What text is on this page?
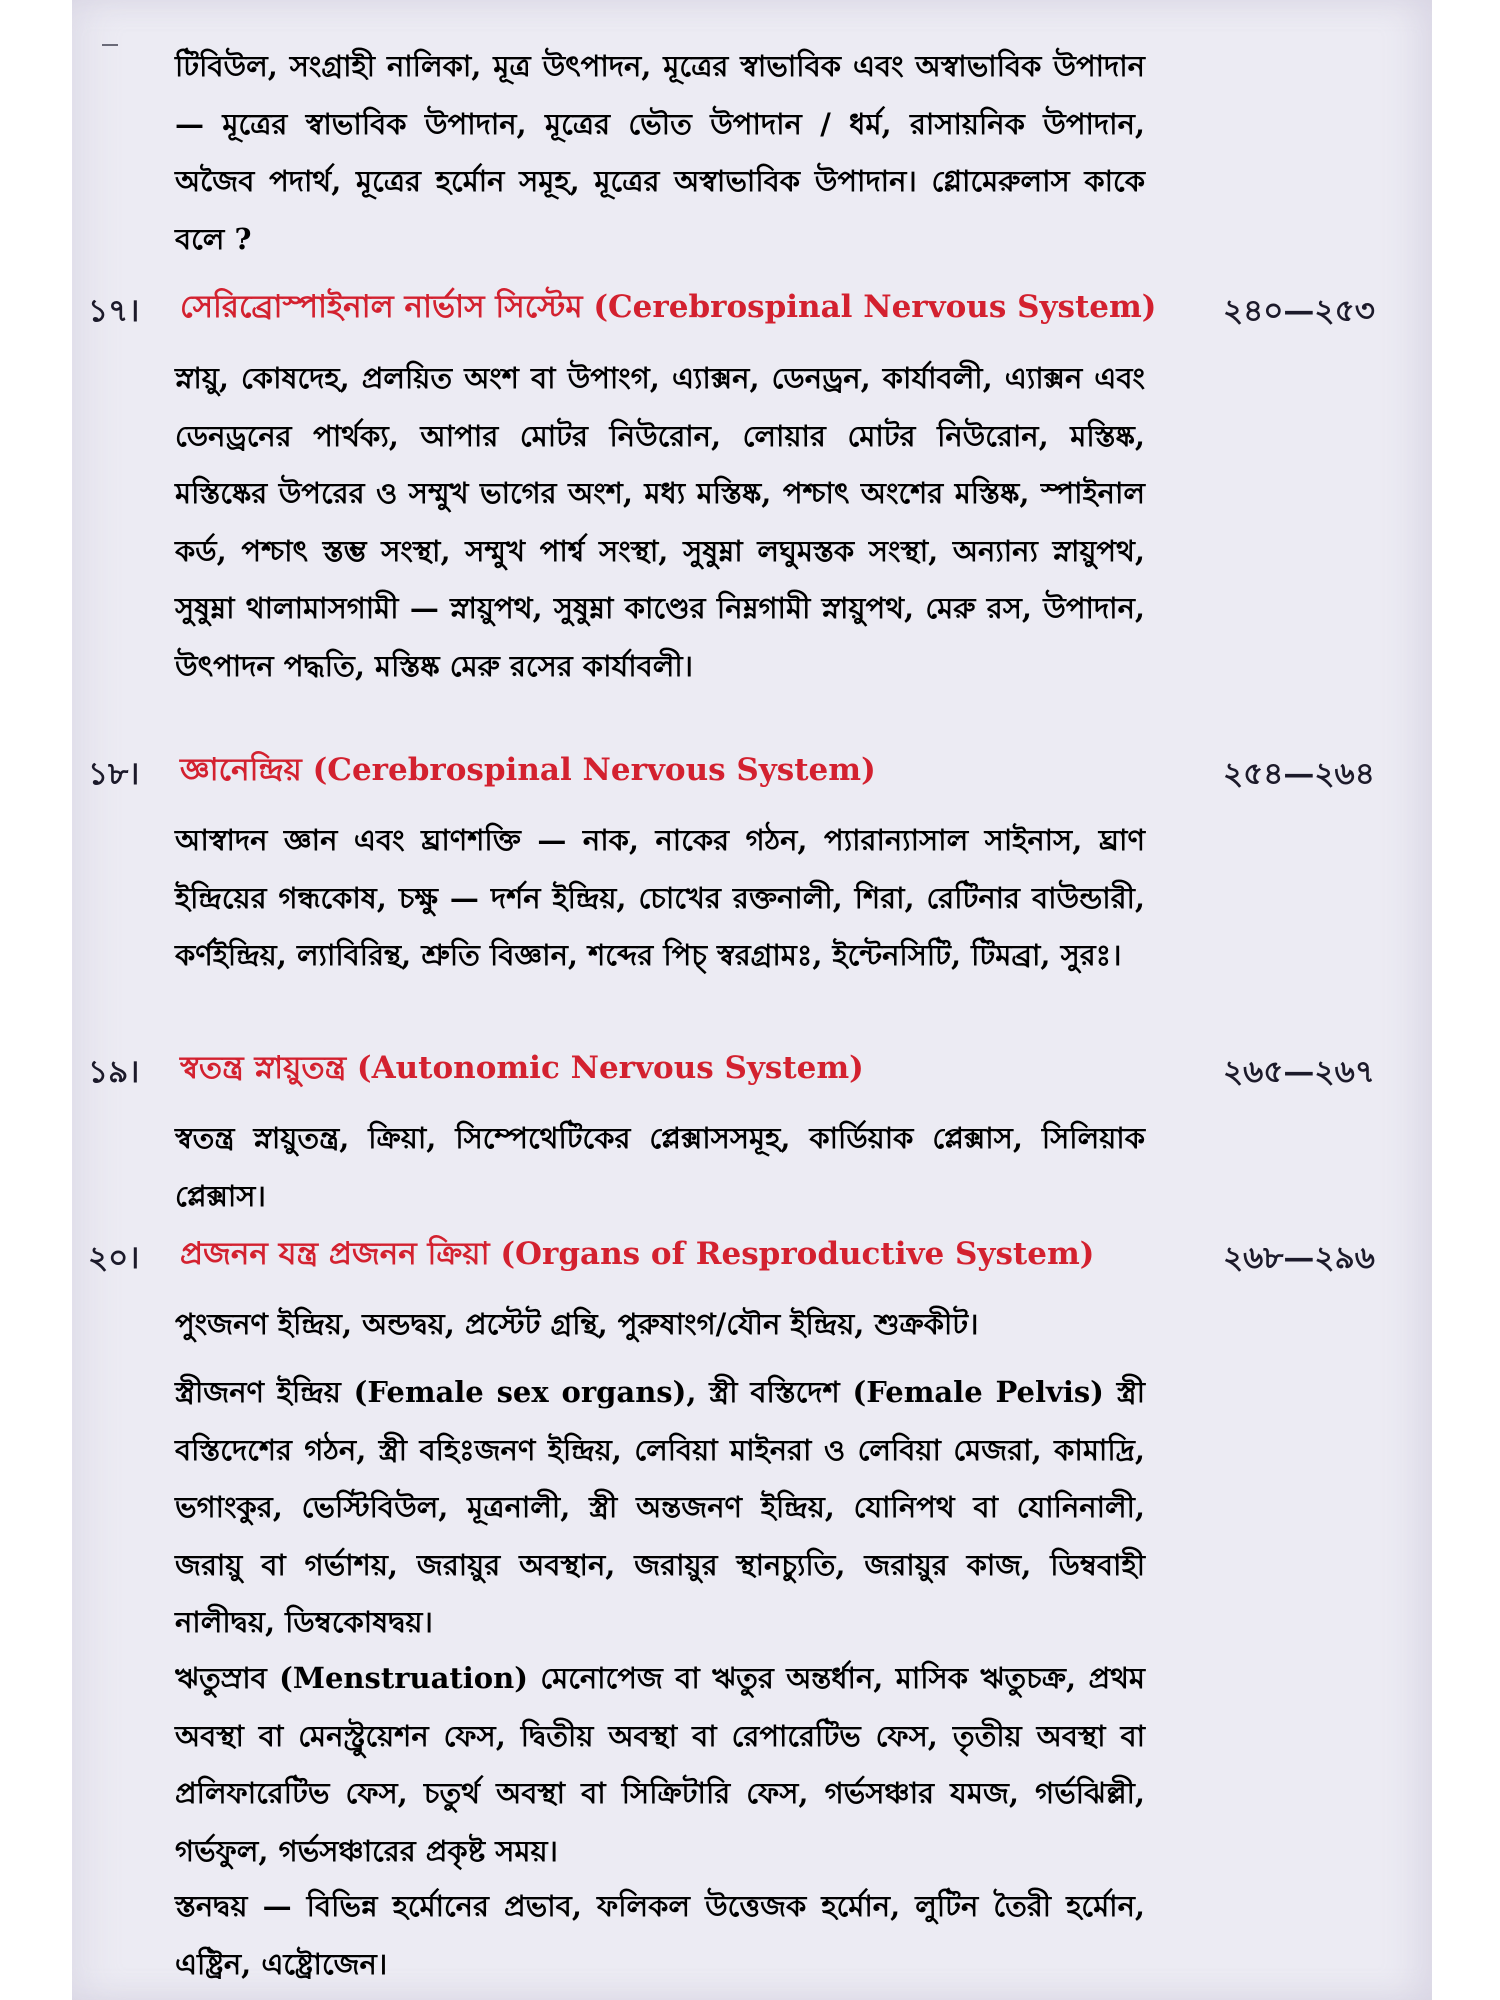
টিবিউল, সংগ্রাহী নালিকা, মূত্র উৎপাদন, মূত্রের স্বাভাবিক এবং অস্বাভাবিক উপাদান — মূত্রের স্বাভাবিক উপাদান, মূত্রের ভৌত উপাদান / ধর্ম, রাসায়নিক উপাদান, অজৈব পদার্থ, মূত্রের হর্মোন সমূহ, মূত্রের অস্বাভাবিক উপাদান। গ্লোমেরুলাস কাকে বলে ?

১৭। সেরিব্রোস্পাইনাল নার্ভাস সিস্টেম (Cerebrospinal Nervous System) ২৪০—২৫৩

স্নায়ু, কোষদেহ, প্রলয়িত অংশ বা উপাংগ, এ্যাক্সন, ডেনড্রন, কার্যাবলী, এ্যাক্সন এবং ডেনড্রনের পার্থক্য, আপার মোটর নিউরোন, লোয়ার মোটর নিউরোন, মস্তিষ্ক, মস্তিষ্কের উপরের ও সম্মুখ ভাগের অংশ, মধ্য মস্তিষ্ক, পশ্চাৎ অংশের মস্তিষ্ক, স্পাইনাল কর্ড, পশ্চাৎ স্তম্ভ সংস্থা, সম্মুখ পার্শ্ব সংস্থা, সুষুম্না লঘুমস্তক সংস্থা, অন্যান্য স্নায়ুপথ, সুষুম্না থালামাসগামী — স্নায়ুপথ, সুষুম্না কাণ্ডের নিম্নগামী স্নায়ুপথ, মেরু রস, উপাদান, উৎপাদন পদ্ধতি, মস্তিষ্ক মেরু রসের কার্যাবলী।

১৮। জ্ঞানেন্দ্রিয় (Cerebrospinal Nervous System)	২৫৪—২৬৪

আস্বাদন জ্ঞান এবং ঘ্রাণশক্তি — নাক, নাকের গঠন, প্যারান্যাসাল সাইনাস, ঘ্রাণ ইন্দ্রিয়ের গন্ধকোষ, চক্ষু — দর্শন ইন্দ্রিয়, চোখের রক্তনালী, শিরা, রেটিনার বাউন্ডারী, কর্ণইন্দ্রিয়, ল্যাবিরিন্থ, শ্রুতি বিজ্ঞান, শব্দের পিচ্ স্বরগ্রামঃ, ইন্টেনসিটি, টিমব্রা, সুরঃ।

১৯। স্বতন্ত্র স্নায়ুতন্ত্র (Autonomic Nervous System)	২৬৫—২৬৭

স্বতন্ত্র স্নায়ুতন্ত্র, ক্রিয়া, সিম্পেথেটিকের প্লেক্সাসসমূহ, কার্ডিয়াক প্লেক্সাস, সিলিয়াক প্লেক্সাস।

২০। প্রজনন যন্ত্র প্রজনন ক্রিয়া (Organs of Resproductive System)	২৬৮—২৯৬

পুংজনণ ইন্দ্রিয়, অন্ডদ্বয়, প্রস্টেট গ্রন্থি, পুরুষাংগ/যৌন ইন্দ্রিয়, শুক্রকীট।

স্ত্রীজনণ ইন্দ্রিয় (Female sex organs), স্ত্রী বস্তিদেশ (Female Pelvis) স্ত্রী বস্তিদেশের গঠন, স্ত্রী বহিঃজনণ ইন্দ্রিয়, লেবিয়া মাইনরা ও লেবিয়া মেজরা, কামাদ্রি, ভগাংকুর, ভেস্টিবিউল, মূত্রনালী, স্ত্রী অন্তজনণ ইন্দ্রিয়, যোনিপথ বা যোনিনালী, জরায়ু বা গর্ভাশয়, জরায়ুর অবস্থান, জরায়ুর স্থানচ্যুতি, জরায়ুর কাজ, ডিম্ববাহী নালীদ্বয়, ডিম্বকোষদ্বয়।

ঋতুস্রাব (Menstruation) মেনোপেজ বা ঋতুর অন্তর্ধান, মাসিক ঋতুচক্র, প্রথম অবস্থা বা মেনস্ট্রুয়েশন ফেস, দ্বিতীয় অবস্থা বা রেপারেটিভ ফেস, তৃতীয় অবস্থা বা প্রলিফারেটিভ ফেস, চতুর্থ অবস্থা বা সিক্রিটারি ফেস, গর্ভসঞ্চার যমজ, গর্ভঝিল্লী, গর্ভফুল, গর্ভসঞ্চারের প্রকৃষ্ট সময়।

স্তনদ্বয় — বিভিন্ন হর্মোনের প্রভাব, ফলিকল উত্তেজক হর্মোন, লুটিন তৈরী হর্মোন, এষ্ট্রিন, এষ্ট্রোজেন।
